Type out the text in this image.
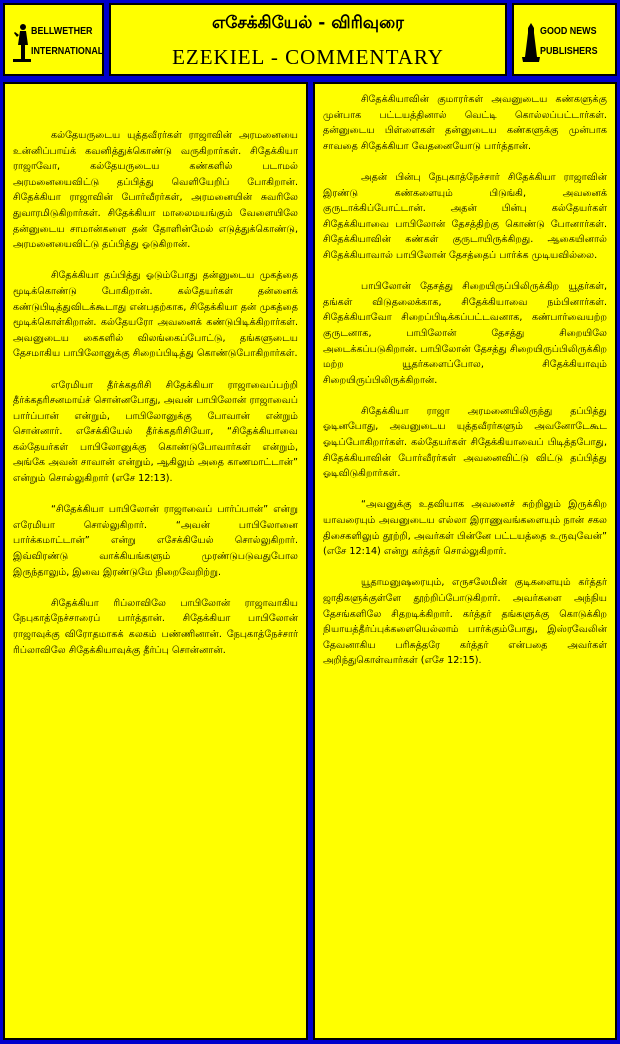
BELLWETHER
INTERNATIONAL
எசேக்கியேல் - விரிவுரை
EZEKIEL - COMMENTARY
GOOD NEWS
PUBLISHERS

கல்தேயருடைய யுத்தவீரர்கள் ராஜாவின் அரமனையை உன்னிப்பாய்க் கவனித்துக்கொண்டு வருகிறார்கள். சிதேக்கியா ராஜாவோ, கல்தேயருடைய கண்களில் படாமல் அரமனையைவிட்டு தப்பித்து வெளியேறிப் போகிறான். சிதேக்கியா ராஜாவின் போர்வீரர்கள், அரமனையின் சுவரிலே துவாரமிடுகிறார்கள். சிதேக்கியா மாலைமயங்கும் வேளையிலே தன்னுடைய சாமான்களை தன் தோளின்மேல் எடுத்துக்கொண்டு, அரமனையைவிட்டு தப்பித்து ஓடுகிறான்.

சிதேக்கியா தப்பித்து ஓடும்போது தன்னுடைய முகத்தை மூடிக்கொண்டு போகிறான். கல்தேயர்கள் தன்னைக் கண்டுபிடித்துவிடக்கூடாது என்பதற்காக, சிதேக்கியா தன் முகத்தை மூடிக்கொள்கிறான். கல்தேயரோ அவனைக் கண்டுபிடிக்கிறார்கள். அவனுடைய கைகளில் விலங்கைப்போட்டு, தங்களுடைய தேசமாகிய பாபிலோனுக்கு சிறைப்பிடித்து கொண்டுபோகிறார்கள்.

எரேமியா தீர்க்கதரிசி சிதேக்கியா ராஜாவைப்பற்றி தீர்க்கதரிசனமாய்ச் சொன்னபோது, அவன் பாபிலோன் ராஜாவைப் பார்ப்பான் என்றும், பாபிலோனுக்கு போவான் என்றும் சொன்னார். எசேக்கியேல் தீர்க்கதரிசியோ, “சிதேக்கியாவை கல்தேயர்கள் பாபிலோனுக்கு கொண்டுபோவார்கள் என்றும், அங்கே அவன் சாவான் என்றும், ஆகிலும் அதை காணமாட்டான்” என்றும் சொல்லுகிறார் (எசே 12:13).

“சிதேக்கியா பாபிலோன் ராஜாவைப் பார்ப்பான்” என்று எரேமியா சொல்லுகிறார். “அவன் பாபிலோனை பார்க்கமாட்டான்” என்று எசேக்கியேல் சொல்லுகிறார். இவ்விரண்டு வாக்கியங்களும் முரண்டுபடுவதுபோல இருந்தாலும், இவை இரண்டுமே நிறைவேறிற்று.

சிதேக்கியா ரிப்லாவிலே பாபிலோன் ராஜாவாகிய நேபுகாத்நேச்சாரைப் பார்த்தான். சிதேக்கியா பாபிலோன் ராஜாவுக்கு விரோதமாகக் கலகம் பண்ணினான். நேபுகாத்நேச்சார் ரிப்லாவிலே சிதேக்கியாவுக்கு தீர்ப்பு சொன்னான்.

சிதேக்கியாவின் குமாரர்கள் அவனுடைய கண்களுக்கு முன்பாக பட்டயத்தினால் வெட்டி கொல்லப்பட்டார்கள். தன்னுடைய பிள்ளைகள் தன்னுடைய கண்களுக்கு முன்பாக சாவதை சிதேக்கியா வேதனையோடு பார்த்தான்.

அதன் பின்பு நேபுகாத்நேச்சார் சிதேக்கியா ராஜாவின் இரண்டு கண்களையும் பிடுங்கி, அவனைக் குருடாக்கிப்போட்டான். அதன் பின்பு கல்தேயர்கள் சிதேக்கியாவை பாபிலோன் தேசத்திற்கு கொண்டு போனார்கள். சிதேக்கியாவின் கண்கள் குருடாயிருக்கிறது. ஆகையினால் சிதேக்கியாவால் பாபிலோன் தேசத்தைப் பார்க்க முடியவில்லை.

பாபிலோன் தேசத்து சிறையிருப்பிலிருக்கிற யூதர்கள், தங்கள் விடுதலைக்காக, சிதேக்கியாவை நம்பினார்கள். சிதேக்கியாவோ சிறைப்பிடிக்கப்பட்டவனாக, கண்பார்வையற்ற குருடனாக, பாபிலோன் தேசத்து சிறையிலே அடைக்கப்படுகிறான். பாபிலோன் தேசத்து சிறையிருப்பிலிருக்கிற மற்ற யூதர்களைப்போல, சிதேக்கியாவும் சிறையிருப்பிலிருக்கிறான்.

சிதேக்கியா ராஜா அரமனையிலிருந்து தப்பித்து ஓடினபோது, அவனுடைய யுத்தவீரர்களும் அவனோடேகூட ஓடிப்போகிறார்கள். கல்தேயர்கள் சிதேக்கியாவைப் பிடித்தபோது, சிதேக்கியாவின் போர்வீரர்கள் அவனைவிட்டு விட்டு தப்பித்து ஓடிவிடுகிறார்கள்.

“அவனுக்கு உதவியாக அவனைச் சுற்றிலும் இருக்கிற யாவரையும் அவனுடைய எல்லா இராணுவங்களையும் நான் சகல திசைகளிலும் தூற்றி, அவர்கள் பின்னே பட்டயத்தை உருவுவேன்” (எசே 12:14) என்று கர்த்தர் சொல்லுகிறார்.

யூதாமனுஷரையும், எருசலேமின் குடிகளையும் கர்த்தர் ஜாதிகளுக்குள்ளே தூற்றிப்போடுகிறார். அவர்களை அந்நிய தேசங்களிலே சிதறடிக்கிறார். கர்த்தர் தங்களுக்கு கொடுக்கிற நியாயத்தீர்ப்புக்களையெல்லாம் பார்க்கும்போது, இஸ்ரவேலின் தேவனாகிய பரிசுத்தரே கர்த்தர் என்பதை அவர்கள் அறிந்துகொள்வார்கள் (எசே 12:15).
